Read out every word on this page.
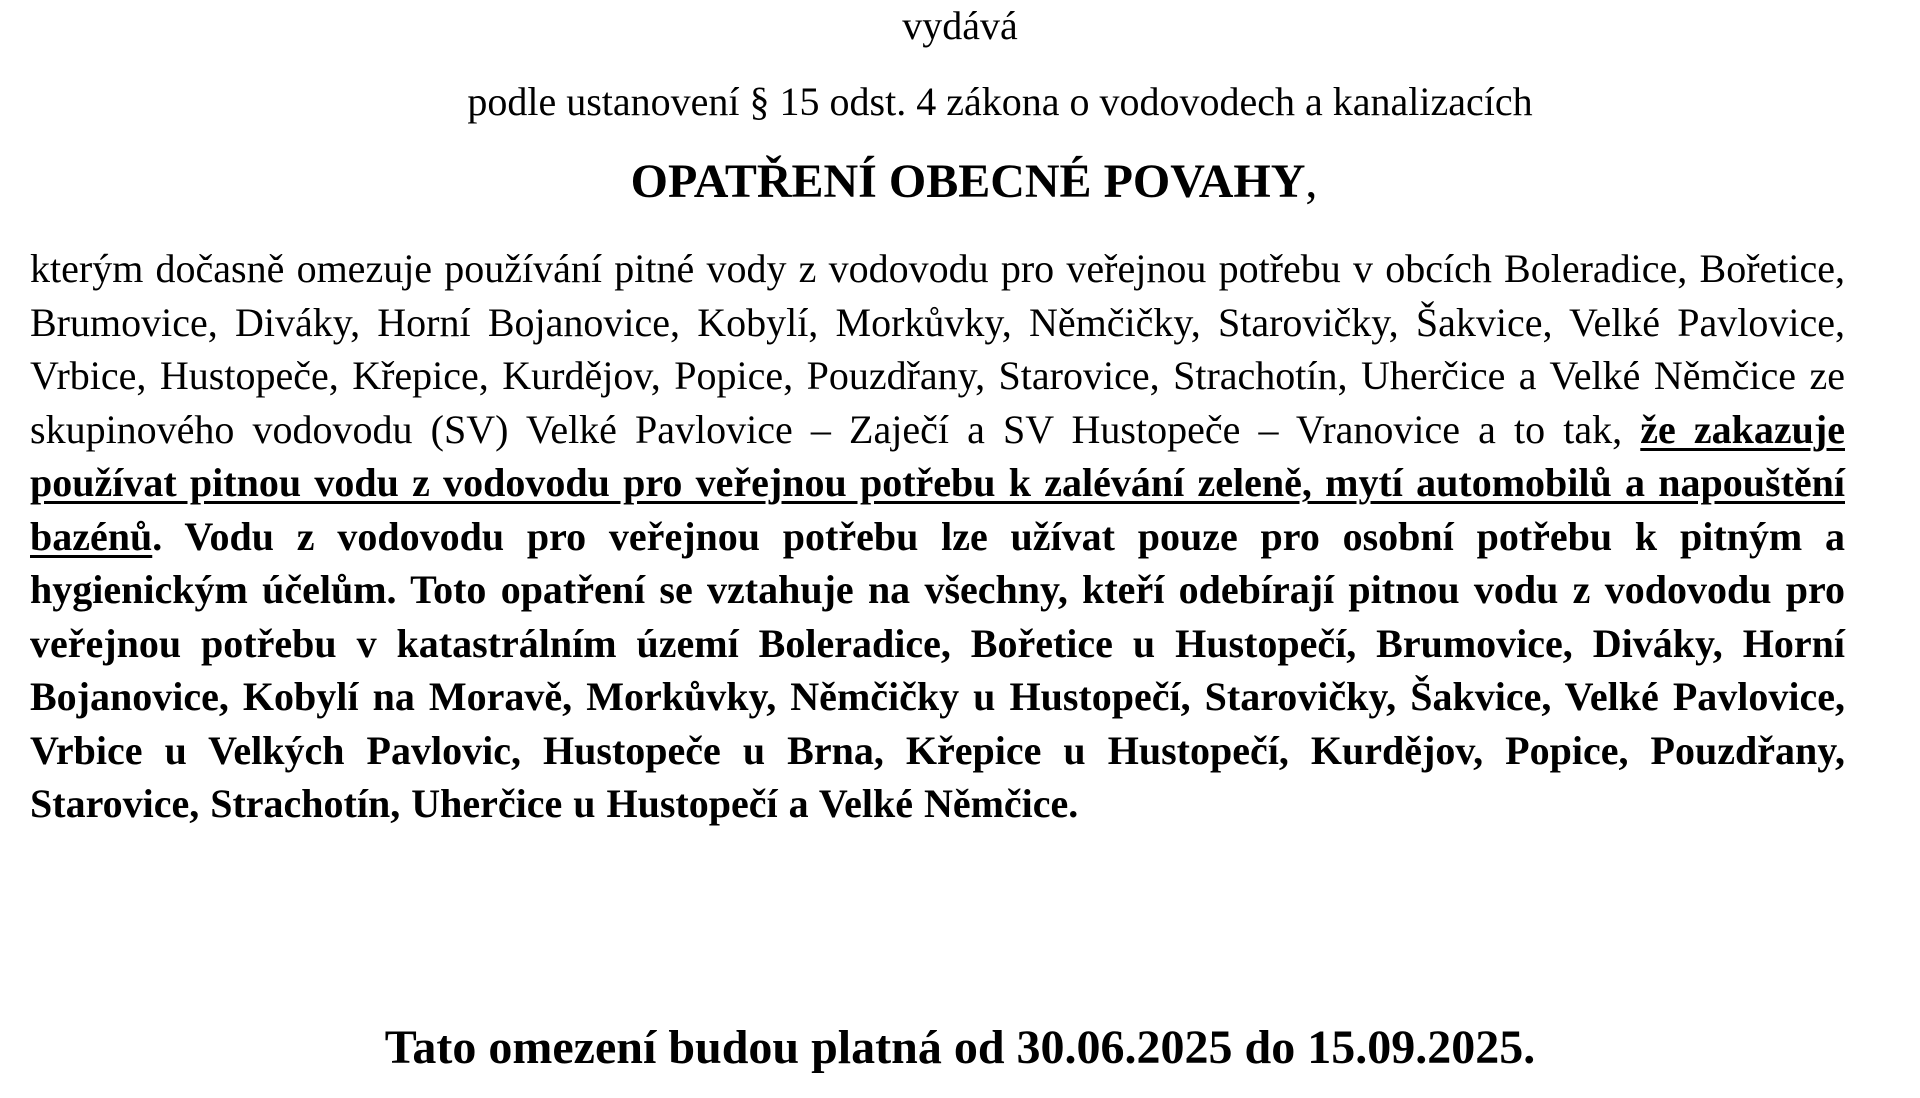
vydává
podle ustanovení § 15 odst. 4 zákona o vodovodech a kanalizacích
OPATŘENÍ OBECNÉ POVAHY,
kterým dočasně omezuje používání pitné vody z vodovodu pro veřejnou potřebu v obcích Boleradice, Bořetice, Brumovice, Diváky, Horní Bojanovice, Kobylí, Morkůvky, Němčičky, Starovičky, Šakvice, Velké Pavlovice, Vrbice, Hustopeče, Křepice, Kurdějov, Popice, Pouzdřany, Starovice, Strachotín, Uherčice a Velké Němčice ze skupinového vodovodu (SV) Velké Pavlovice – Zaječí a SV Hustopeče – Vranovice a to tak, že zakazuje používat pitnou vodu z vodovodu pro veřejnou potřebu k zalévání zeleně, mytí automobilů a napouštění bazénů. Vodu z vodovodu pro veřejnou potřebu lze užívat pouze pro osobní potřebu k pitným a hygienickým účelům. Toto opatření se vztahuje na všechny, kteří odebírají pitnou vodu z vodovodu pro veřejnou potřebu v katastrálním území Boleradice, Bořetice u Hustopečí, Brumovice, Diváky, Horní Bojanovice, Kobylí na Moravě, Morkůvky, Němčičky u Hustopečí, Starovičky, Šakvice, Velké Pavlovice, Vrbice u Velkých Pavlovic, Hustopeče u Brna, Křepice u Hustopečí, Kurdějov, Popice, Pouzdřany, Starovice, Strachotín, Uherčice u Hustopečí a Velké Němčice.
Tato omezení budou platná od 30.06.2025 do 15.09.2025.
